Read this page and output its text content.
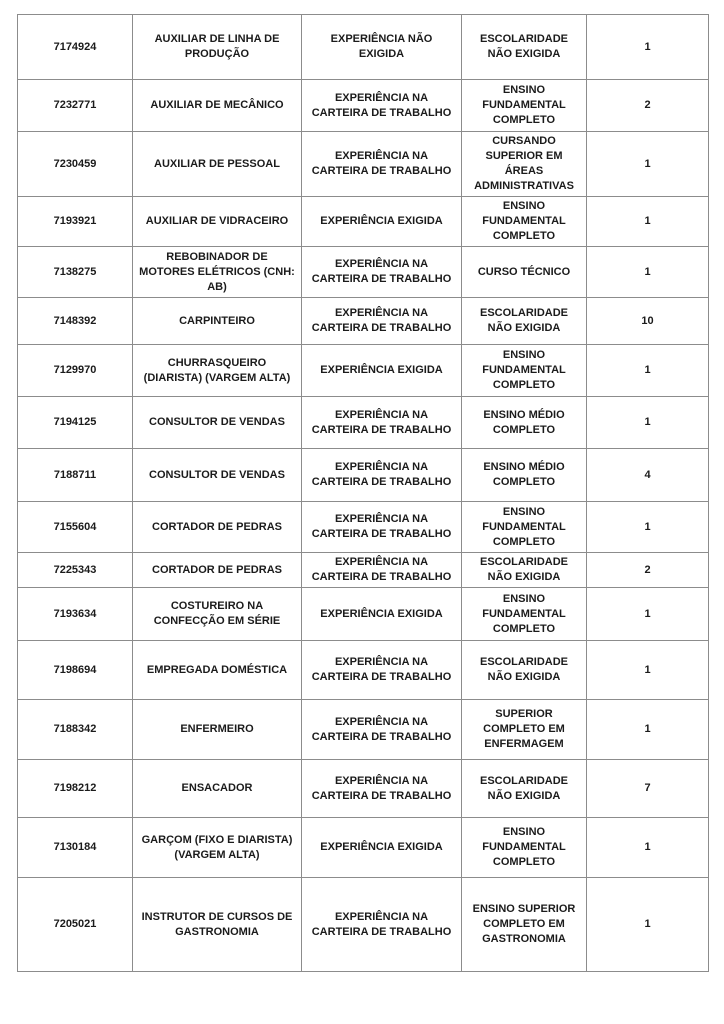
7174924	AUXILIAR DE LINHA DE PRODUÇÃO	EXPERIÊNCIA NÃO EXIGIDA	ESCOLARIDADE NÃO EXIGIDA	1
7232771	AUXILIAR DE MECÂNICO	EXPERIÊNCIA NA CARTEIRA DE TRABALHO	ENSINO FUNDAMENTAL COMPLETO	2
7230459	AUXILIAR DE PESSOAL	EXPERIÊNCIA NA CARTEIRA DE TRABALHO	CURSANDO SUPERIOR EM ÁREAS ADMINISTRATIVAS	1
7193921	AUXILIAR DE VIDRACEIRO	EXPERIÊNCIA EXIGIDA	ENSINO FUNDAMENTAL COMPLETO	1
7138275	REBOBINADOR DE MOTORES ELÉTRICOS (CNH: AB)	EXPERIÊNCIA NA CARTEIRA DE TRABALHO	CURSO TÉCNICO	1
7148392	CARPINTEIRO	EXPERIÊNCIA NA CARTEIRA DE TRABALHO	ESCOLARIDADE NÃO EXIGIDA	10
7129970	CHURRASQUEIRO (DIARISTA) (VARGEM ALTA)	EXPERIÊNCIA EXIGIDA	ENSINO FUNDAMENTAL COMPLETO	1
7194125	CONSULTOR DE VENDAS	EXPERIÊNCIA NA CARTEIRA DE TRABALHO	ENSINO MÉDIO COMPLETO	1
7188711	CONSULTOR DE VENDAS	EXPERIÊNCIA NA CARTEIRA DE TRABALHO	ENSINO MÉDIO COMPLETO	4
7155604	CORTADOR DE PEDRAS	EXPERIÊNCIA NA CARTEIRA DE TRABALHO	ENSINO FUNDAMENTAL COMPLETO	1
7225343	CORTADOR DE PEDRAS	EXPERIÊNCIA NA CARTEIRA DE TRABALHO	ESCOLARIDADE NÃO EXIGIDA	2
7193634	COSTUREIRO NA CONFECÇÃO EM SÉRIE	EXPERIÊNCIA EXIGIDA	ENSINO FUNDAMENTAL COMPLETO	1
7198694	EMPREGADA DOMÉSTICA	EXPERIÊNCIA NA CARTEIRA DE TRABALHO	ESCOLARIDADE NÃO EXIGIDA	1
7188342	ENFERMEIRO	EXPERIÊNCIA NA CARTEIRA DE TRABALHO	SUPERIOR COMPLETO EM ENFERMAGEM	1
7198212	ENSACADOR	EXPERIÊNCIA NA CARTEIRA DE TRABALHO	ESCOLARIDADE NÃO EXIGIDA	7
7130184	GARÇOM (FIXO E DIARISTA) (VARGEM ALTA)	EXPERIÊNCIA EXIGIDA	ENSINO FUNDAMENTAL COMPLETO	1
7205021	INSTRUTOR DE CURSOS DE GASTRONOMIA	EXPERIÊNCIA NA CARTEIRA DE TRABALHO	ENSINO SUPERIOR COMPLETO EM GASTRONOMIA	1
